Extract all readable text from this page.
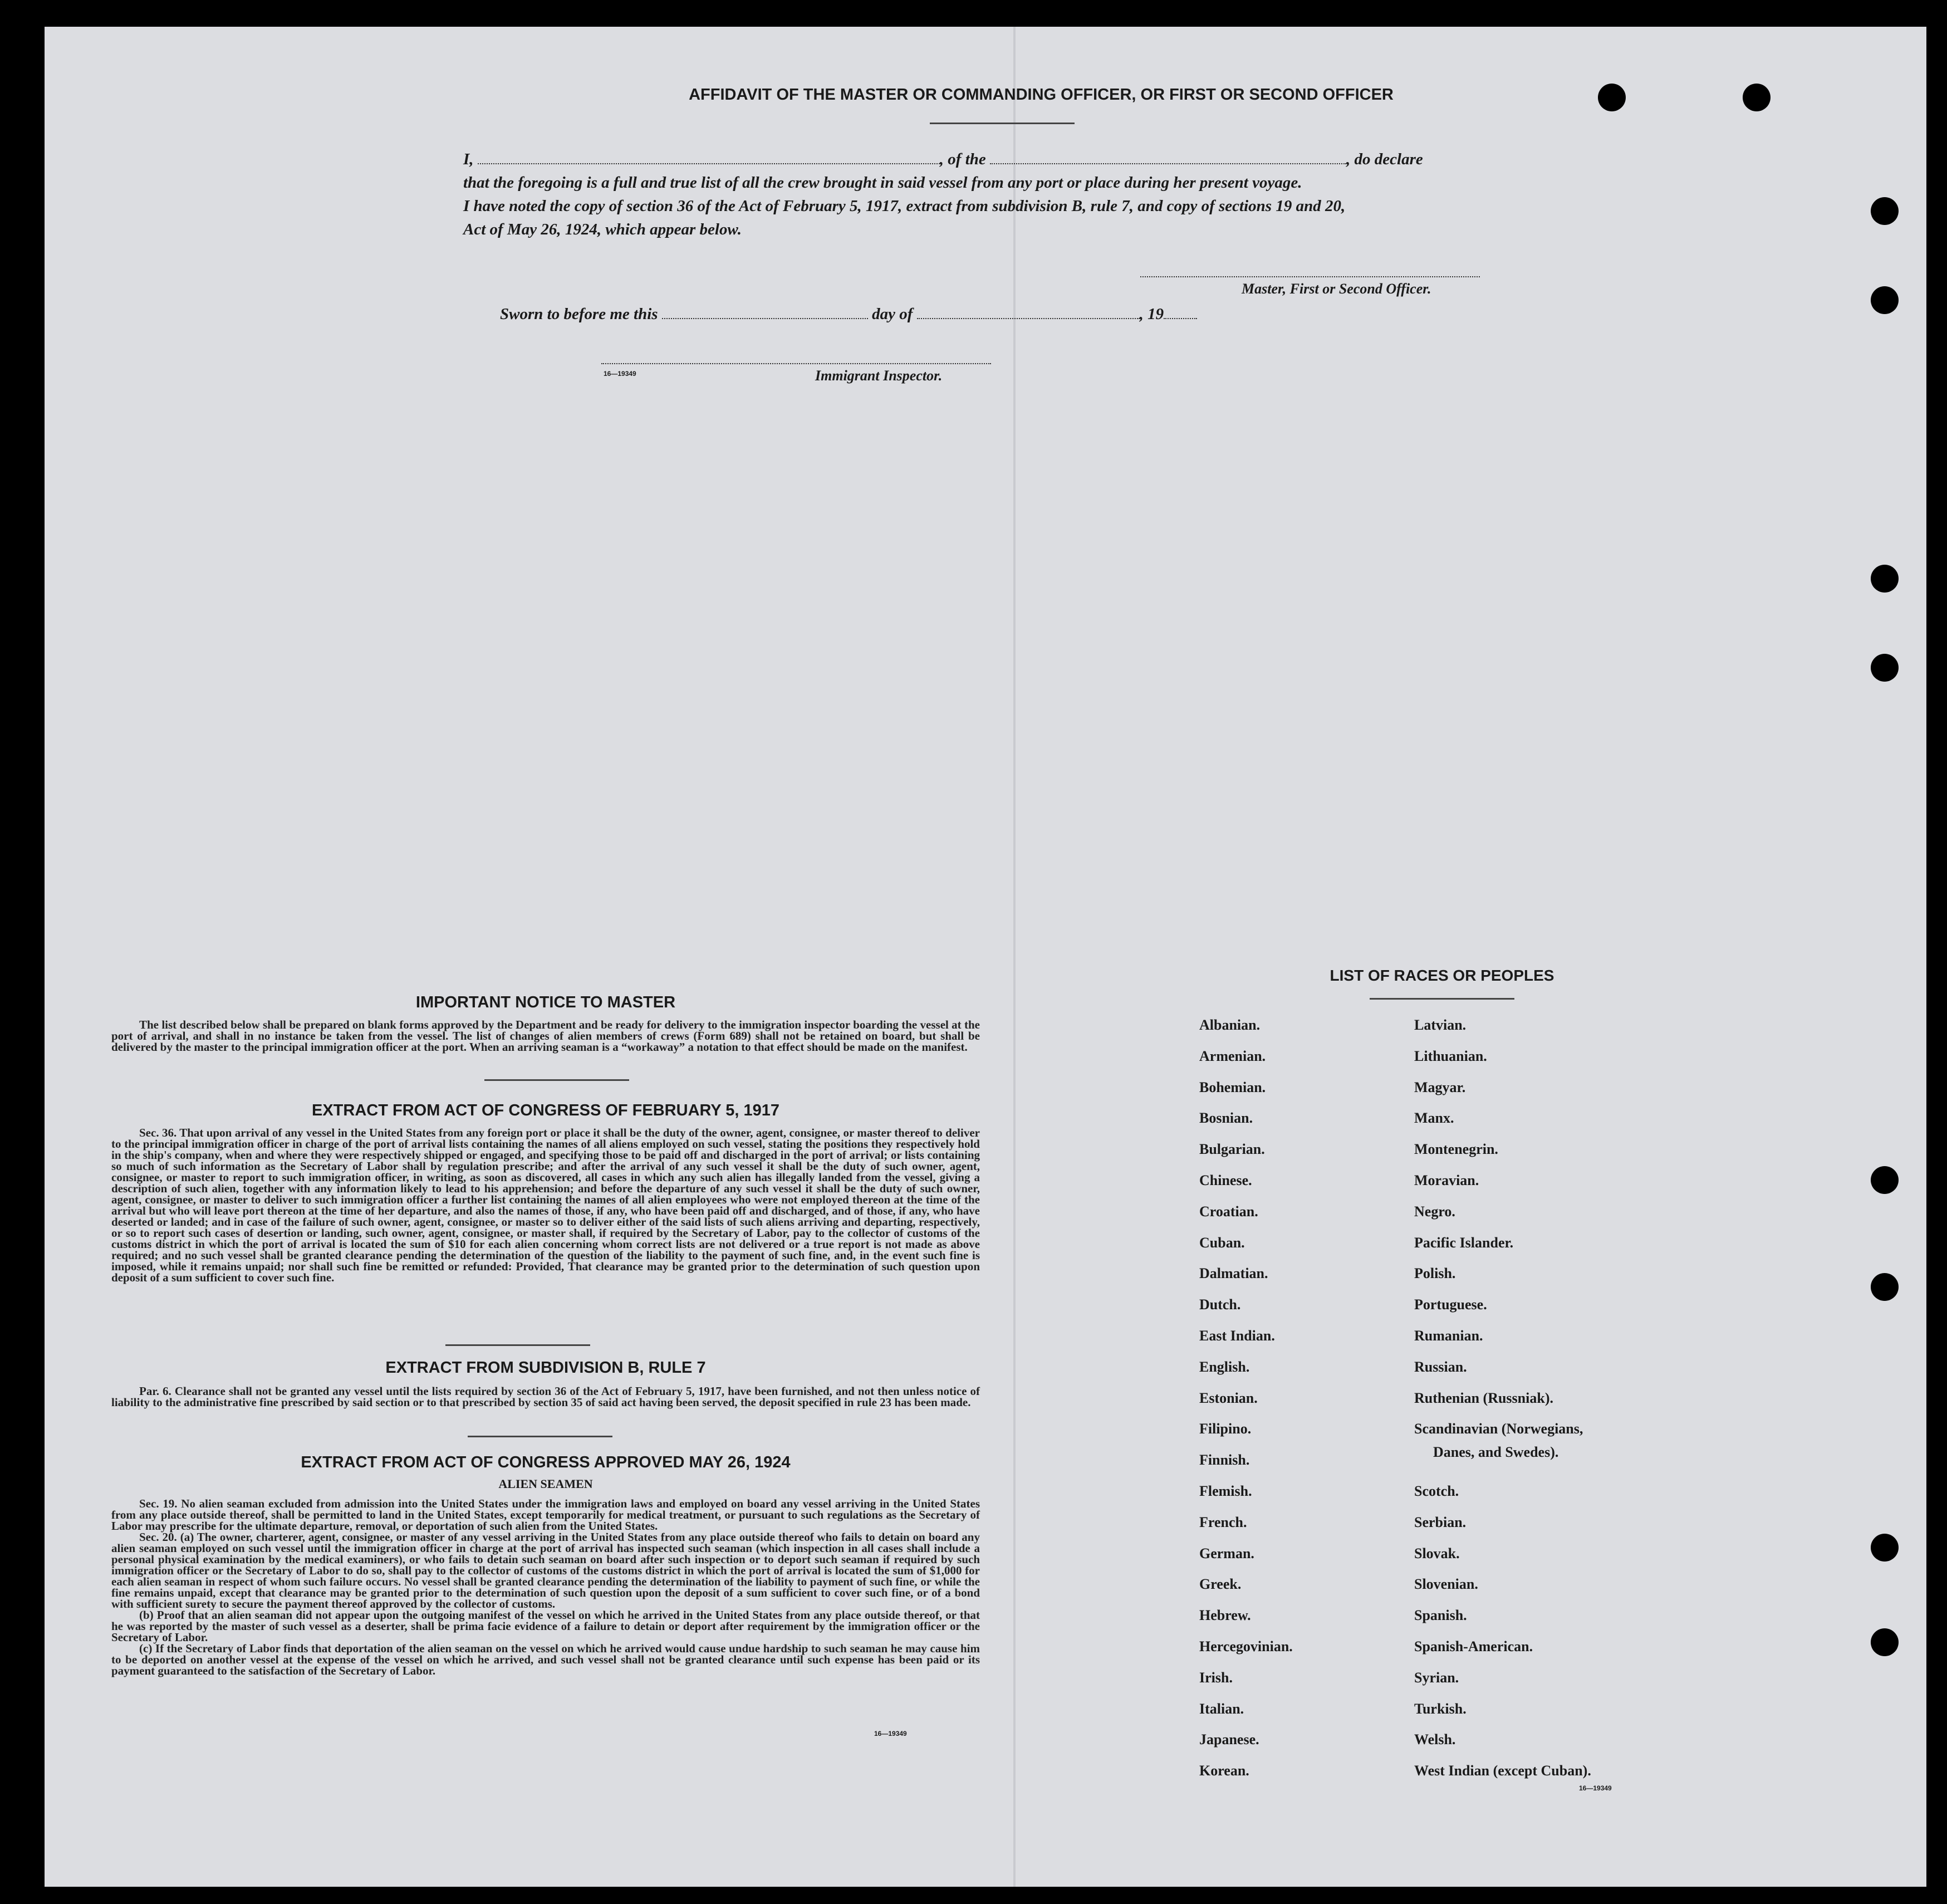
AFFIDAVIT OF THE MASTER OR COMMANDING OFFICER, OR FIRST OR SECOND OFFICER
I,	, of the	, do declare
that the foregoing is a full and true list of all the crew brought in said vessel from any port or place during her present voyage.
I have noted the copy of section 36 of the Act of February 5, 1917, extract from subdivision B, rule 7, and copy of sections 19 and 20,
Act of May 26, 1924, which appear below.
Master, First or Second Officer.
Sworn to before me this	day of	, 19
16—19349	Immigrant Inspector.
IMPORTANT NOTICE TO MASTER
The list described below shall be prepared on blank forms approved by the Department and be ready for delivery to the immigration inspector boarding the vessel at the port of arrival, and shall in no instance be taken from the vessel. The list of changes of alien members of crews (Form 689) shall not be retained on board, but shall be delivered by the master to the principal immigration officer at the port. When an arriving seaman is a “workaway” a notation to that effect should be made on the manifest.
EXTRACT FROM ACT OF CONGRESS OF FEBRUARY 5, 1917
Sec. 36. That upon arrival of any vessel in the United States from any foreign port or place it shall be the duty of the owner, agent, consignee, or master thereof to deliver to the principal immigration officer in charge of the port of arrival lists containing the names of all aliens employed on such vessel, stating the positions they respectively hold in the ship's company, when and where they were respectively shipped or engaged, and specifying those to be paid off and discharged in the port of arrival; or lists containing so much of such information as the Secretary of Labor shall by regulation prescribe; and after the arrival of any such vessel it shall be the duty of such owner, agent, consignee, or master to report to such immigration officer, in writing, as soon as discovered, all cases in which any such alien has illegally landed from the vessel, giving a description of such alien, together with any information likely to lead to his apprehension; and before the departure of any such vessel it shall be the duty of such owner, agent, consignee, or master to deliver to such immigration officer a further list containing the names of all alien employees who were not employed thereon at the time of the arrival but who will leave port thereon at the time of her departure, and also the names of those, if any, who have been paid off and discharged, and of those, if any, who have deserted or landed; and in case of the failure of such owner, agent, consignee, or master so to deliver either of the said lists of such aliens arriving and departing, respectively, or so to report such cases of desertion or landing, such owner, agent, consignee, or master shall, if required by the Secretary of Labor, pay to the collector of customs of the customs district in which the port of arrival is located the sum of $10 for each alien concerning whom correct lists are not delivered or a true report is not made as above required; and no such vessel shall be granted clearance pending the determination of the question of the liability to the payment of such fine, and, in the event such fine is imposed, while it remains unpaid; nor shall such fine be remitted or refunded: Provided, That clearance may be granted prior to the determination of such question upon deposit of a sum sufficient to cover such fine.
EXTRACT FROM SUBDIVISION B, RULE 7
Par. 6. Clearance shall not be granted any vessel until the lists required by section 36 of the Act of February 5, 1917, have been furnished, and not then unless notice of liability to the administrative fine prescribed by said section or to that prescribed by section 35 of said act having been served, the deposit specified in rule 23 has been made.
EXTRACT FROM ACT OF CONGRESS APPROVED MAY 26, 1924
ALIEN SEAMEN
Sec. 19. No alien seaman excluded from admission into the United States under the immigration laws and employed on board any vessel arriving in the United States from any place outside thereof, shall be permitted to land in the United States, except temporarily for medical treatment, or pursuant to such regulations as the Secretary of Labor may prescribe for the ultimate departure, removal, or deportation of such alien from the United States.
Sec. 20. (a) The owner, charterer, agent, consignee, or master of any vessel arriving in the United States from any place outside thereof who fails to detain on board any alien seaman employed on such vessel until the immigration officer in charge at the port of arrival has inspected such seaman (which inspection in all cases shall include a personal physical examination by the medical examiners), or who fails to detain such seaman on board after such inspection or to deport such seaman if required by such immigration officer or the Secretary of Labor to do so, shall pay to the collector of customs of the customs district in which the port of arrival is located the sum of $1,000 for each alien seaman in respect of whom such failure occurs. No vessel shall be granted clearance pending the determination of the liability to payment of such fine, or while the fine remains unpaid, except that clearance may be granted prior to the determination of such question upon the deposit of a sum sufficient to cover such fine, or of a bond with sufficient surety to secure the payment thereof approved by the collector of customs.
(b) Proof that an alien seaman did not appear upon the outgoing manifest of the vessel on which he arrived in the United States from any place outside thereof, or that he was reported by the master of such vessel as a deserter, shall be prima facie evidence of a failure to detain or deport after requirement by the immigration officer or the Secretary of Labor.
(c) If the Secretary of Labor finds that deportation of the alien seaman on the vessel on which he arrived would cause undue hardship to such seaman he may cause him to be deported on another vessel at the expense of the vessel on which he arrived, and such vessel shall not be granted clearance until such expense has been paid or its payment guaranteed to the satisfaction of the Secretary of Labor.
16—19349
LIST OF RACES OR PEOPLES
Danes, and Swedes).
16—19349
Albanian.
Armenian.
Bohemian.
Bosnian.
Bulgarian.
Chinese.
Croatian.
Cuban.
Dalmatian.
Dutch.
East Indian.
English.
Estonian.
Filipino.
Finnish.
Flemish.
French.
German.
Greek.
Hebrew.
Hercegovinian.
Irish.
Italian.
Japanese.
Korean.
Latvian.
Lithuanian.
Magyar.
Manx.
Montenegrin.
Moravian.
Negro.
Pacific Islander.
Polish.
Portuguese.
Rumanian.
Russian.
Ruthenian (Russniak).
Scandinavian (Norwegians,
Scotch.
Serbian.
Slovak.
Slovenian.
Spanish.
Spanish-American.
Syrian.
Turkish.
Welsh.
West Indian (except Cuban).
